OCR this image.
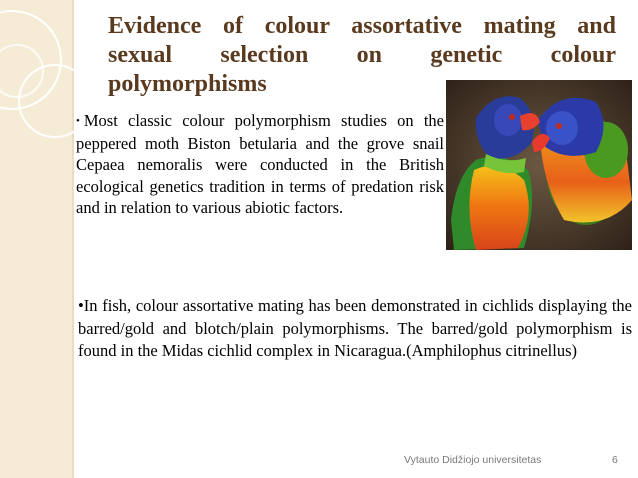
Evidence of colour assortative mating and
sexual selection on genetic colour
polymorphisms
• Most classic colour polymorphism studies on the peppered moth Biston betularia and the grove snail Cepaea nemoralis were conducted in the British ecological genetics tradition in terms of predation risk and in relation to various abiotic factors.
•In fish, colour assortative mating has been demonstrated in cichlids displaying the barred/gold and blotch/plain polymorphisms. The barred/gold polymorphism is found in the Midas cichlid complex in Nicaragua.(Amphilophus citrinellus)
Vytauto Didžiojo universitetas	6
